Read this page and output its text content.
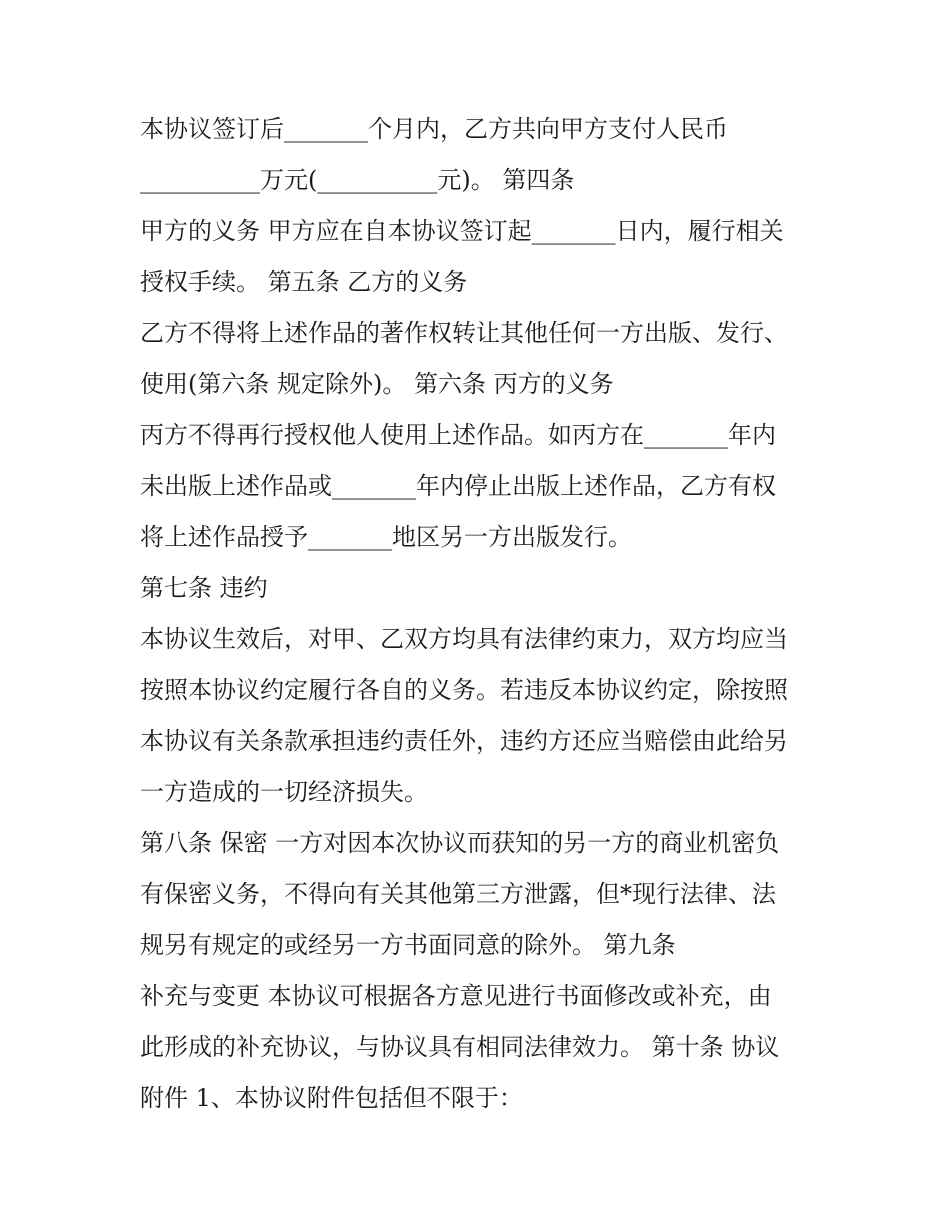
本协议签订后_______个月内，乙方共向甲方支付人民币
__________万元(__________元)。 第四条
甲方的义务 甲方应在自本协议签订起_______日内，履行相关
授权手续。 第五条 乙方的义务
乙方不得将上述作品的著作权转让其他任何一方出版、发行、
使用(第六条 规定除外)。 第六条 丙方的义务
丙方不得再行授权他人使用上述作品。如丙方在_______年内
未出版上述作品或_______年内停止出版上述作品，乙方有权
将上述作品授予_______地区另一方出版发行。
第七条 违约
本协议生效后，对甲、乙双方均具有法律约束力，双方均应当
按照本协议约定履行各自的义务。若违反本协议约定，除按照
本协议有关条款承担违约责任外，违约方还应当赔偿由此给另
一方造成的一切经济损失。
第八条 保密 一方对因本次协议而获知的另一方的商业机密负
有保密义务，不得向有关其他第三方泄露，但*现行法律、法
规另有规定的或经另一方书面同意的除外。 第九条
补充与变更 本协议可根据各方意见进行书面修改或补充，由
此形成的补充协议，与协议具有相同法律效力。 第十条 协议
附件 1、本协议附件包括但不限于：
